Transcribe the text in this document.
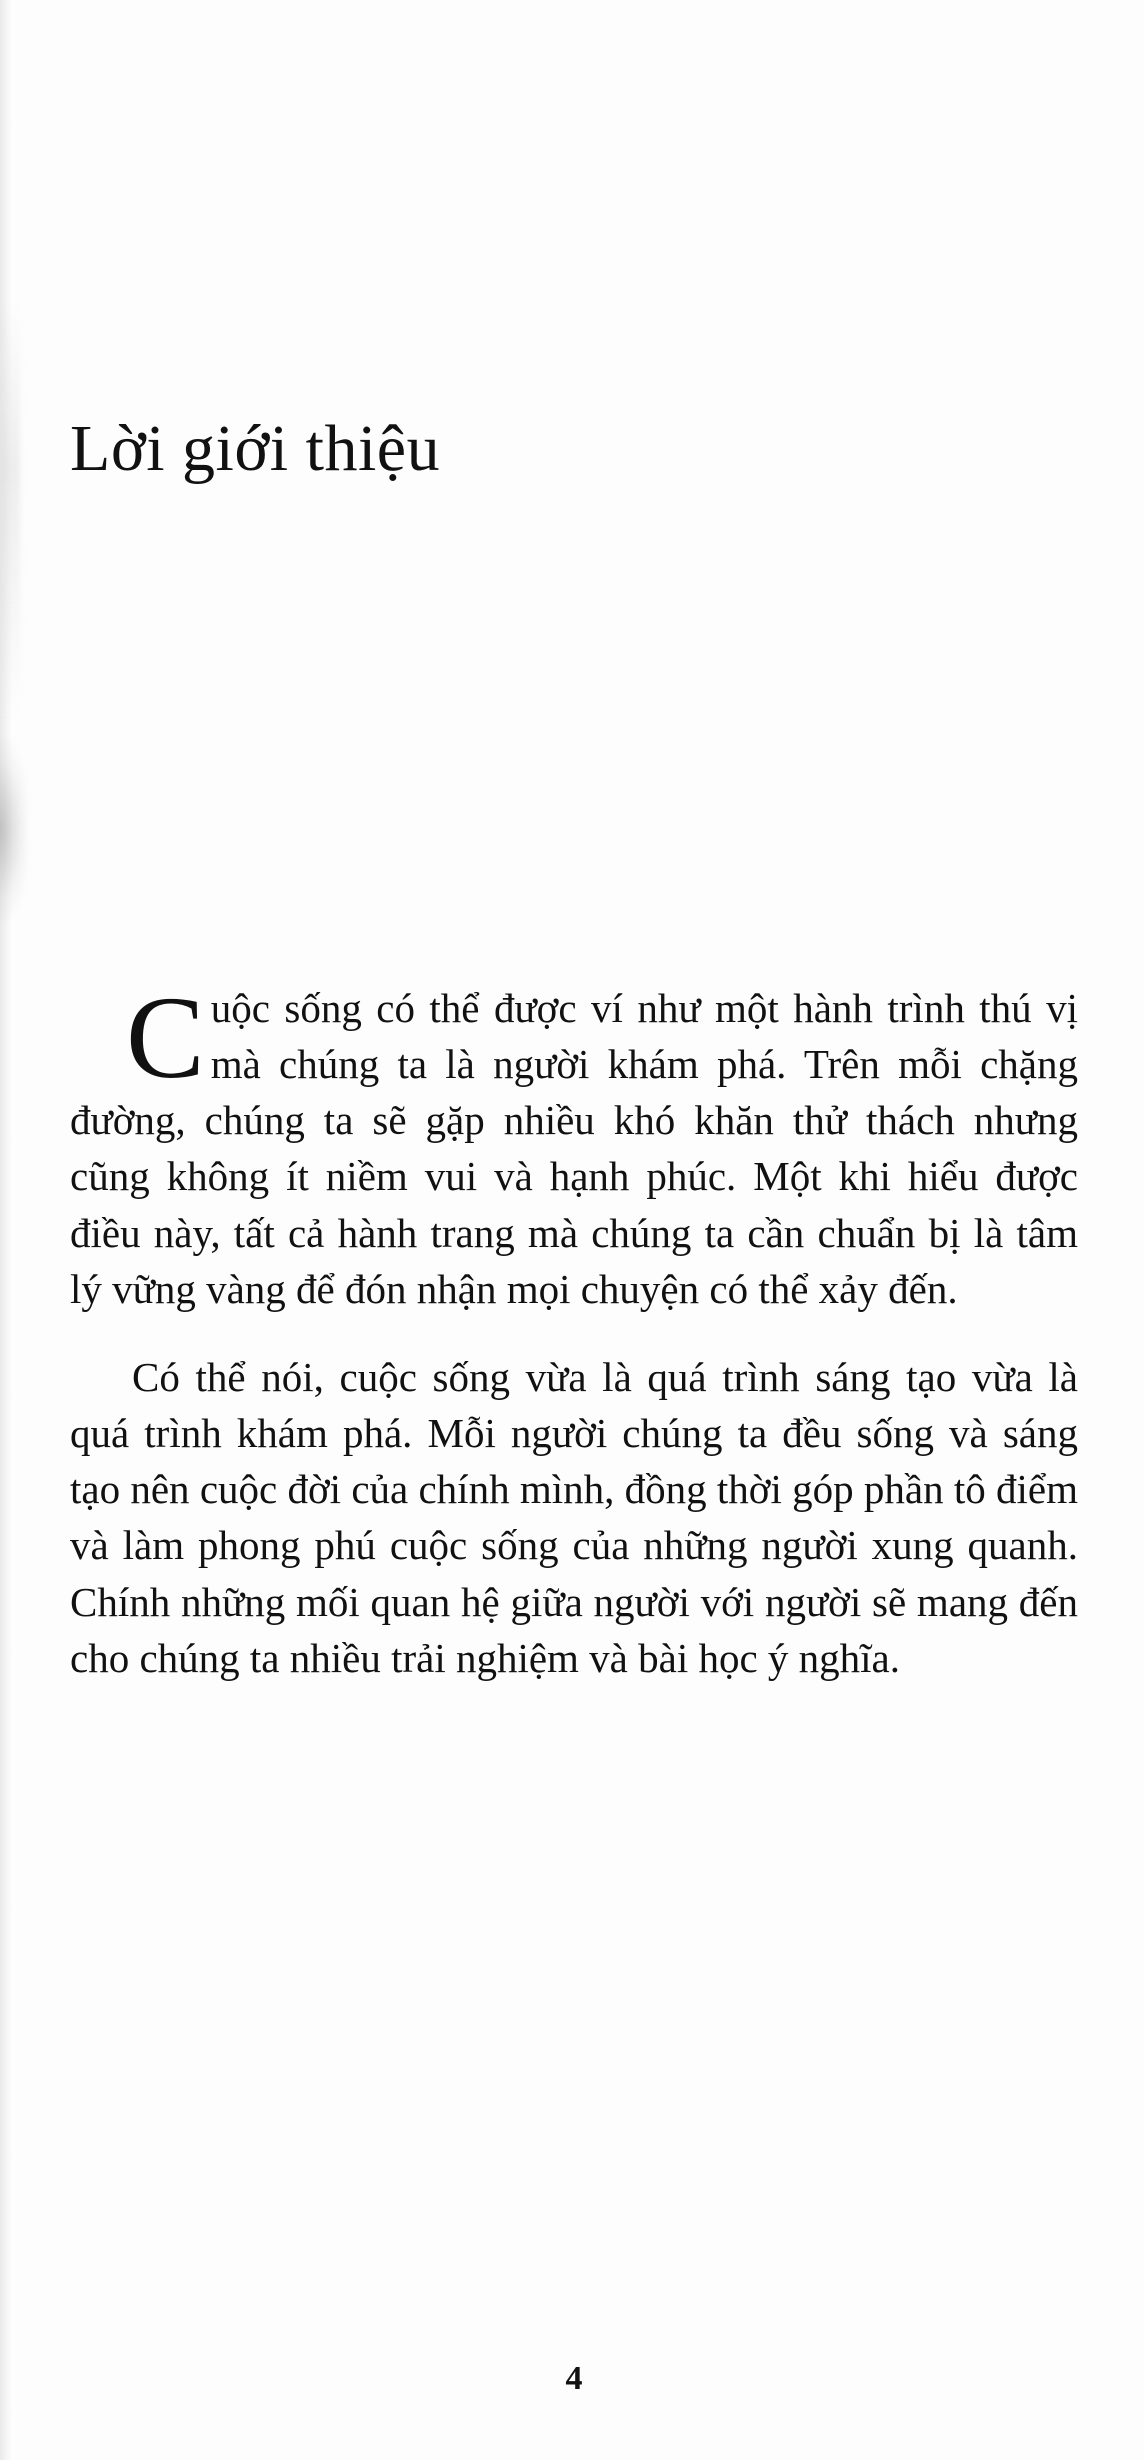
Lời giới thiệu

Cuộc sống có thể được ví như một hành trình thú vị mà chúng ta là người khám phá. Trên mỗi chặng đường, chúng ta sẽ gặp nhiều khó khăn thử thách nhưng cũng không ít niềm vui và hạnh phúc. Một khi hiểu được điều này, tất cả hành trang mà chúng ta cần chuẩn bị là tâm lý vững vàng để đón nhận mọi chuyện có thể xảy đến.

Có thể nói, cuộc sống vừa là quá trình sáng tạo vừa là quá trình khám phá. Mỗi người chúng ta đều sống và sáng tạo nên cuộc đời của chính mình, đồng thời góp phần tô điểm và làm phong phú cuộc sống của những người xung quanh. Chính những mối quan hệ giữa người với người sẽ mang đến cho chúng ta nhiều trải nghiệm và bài học ý nghĩa.

4
